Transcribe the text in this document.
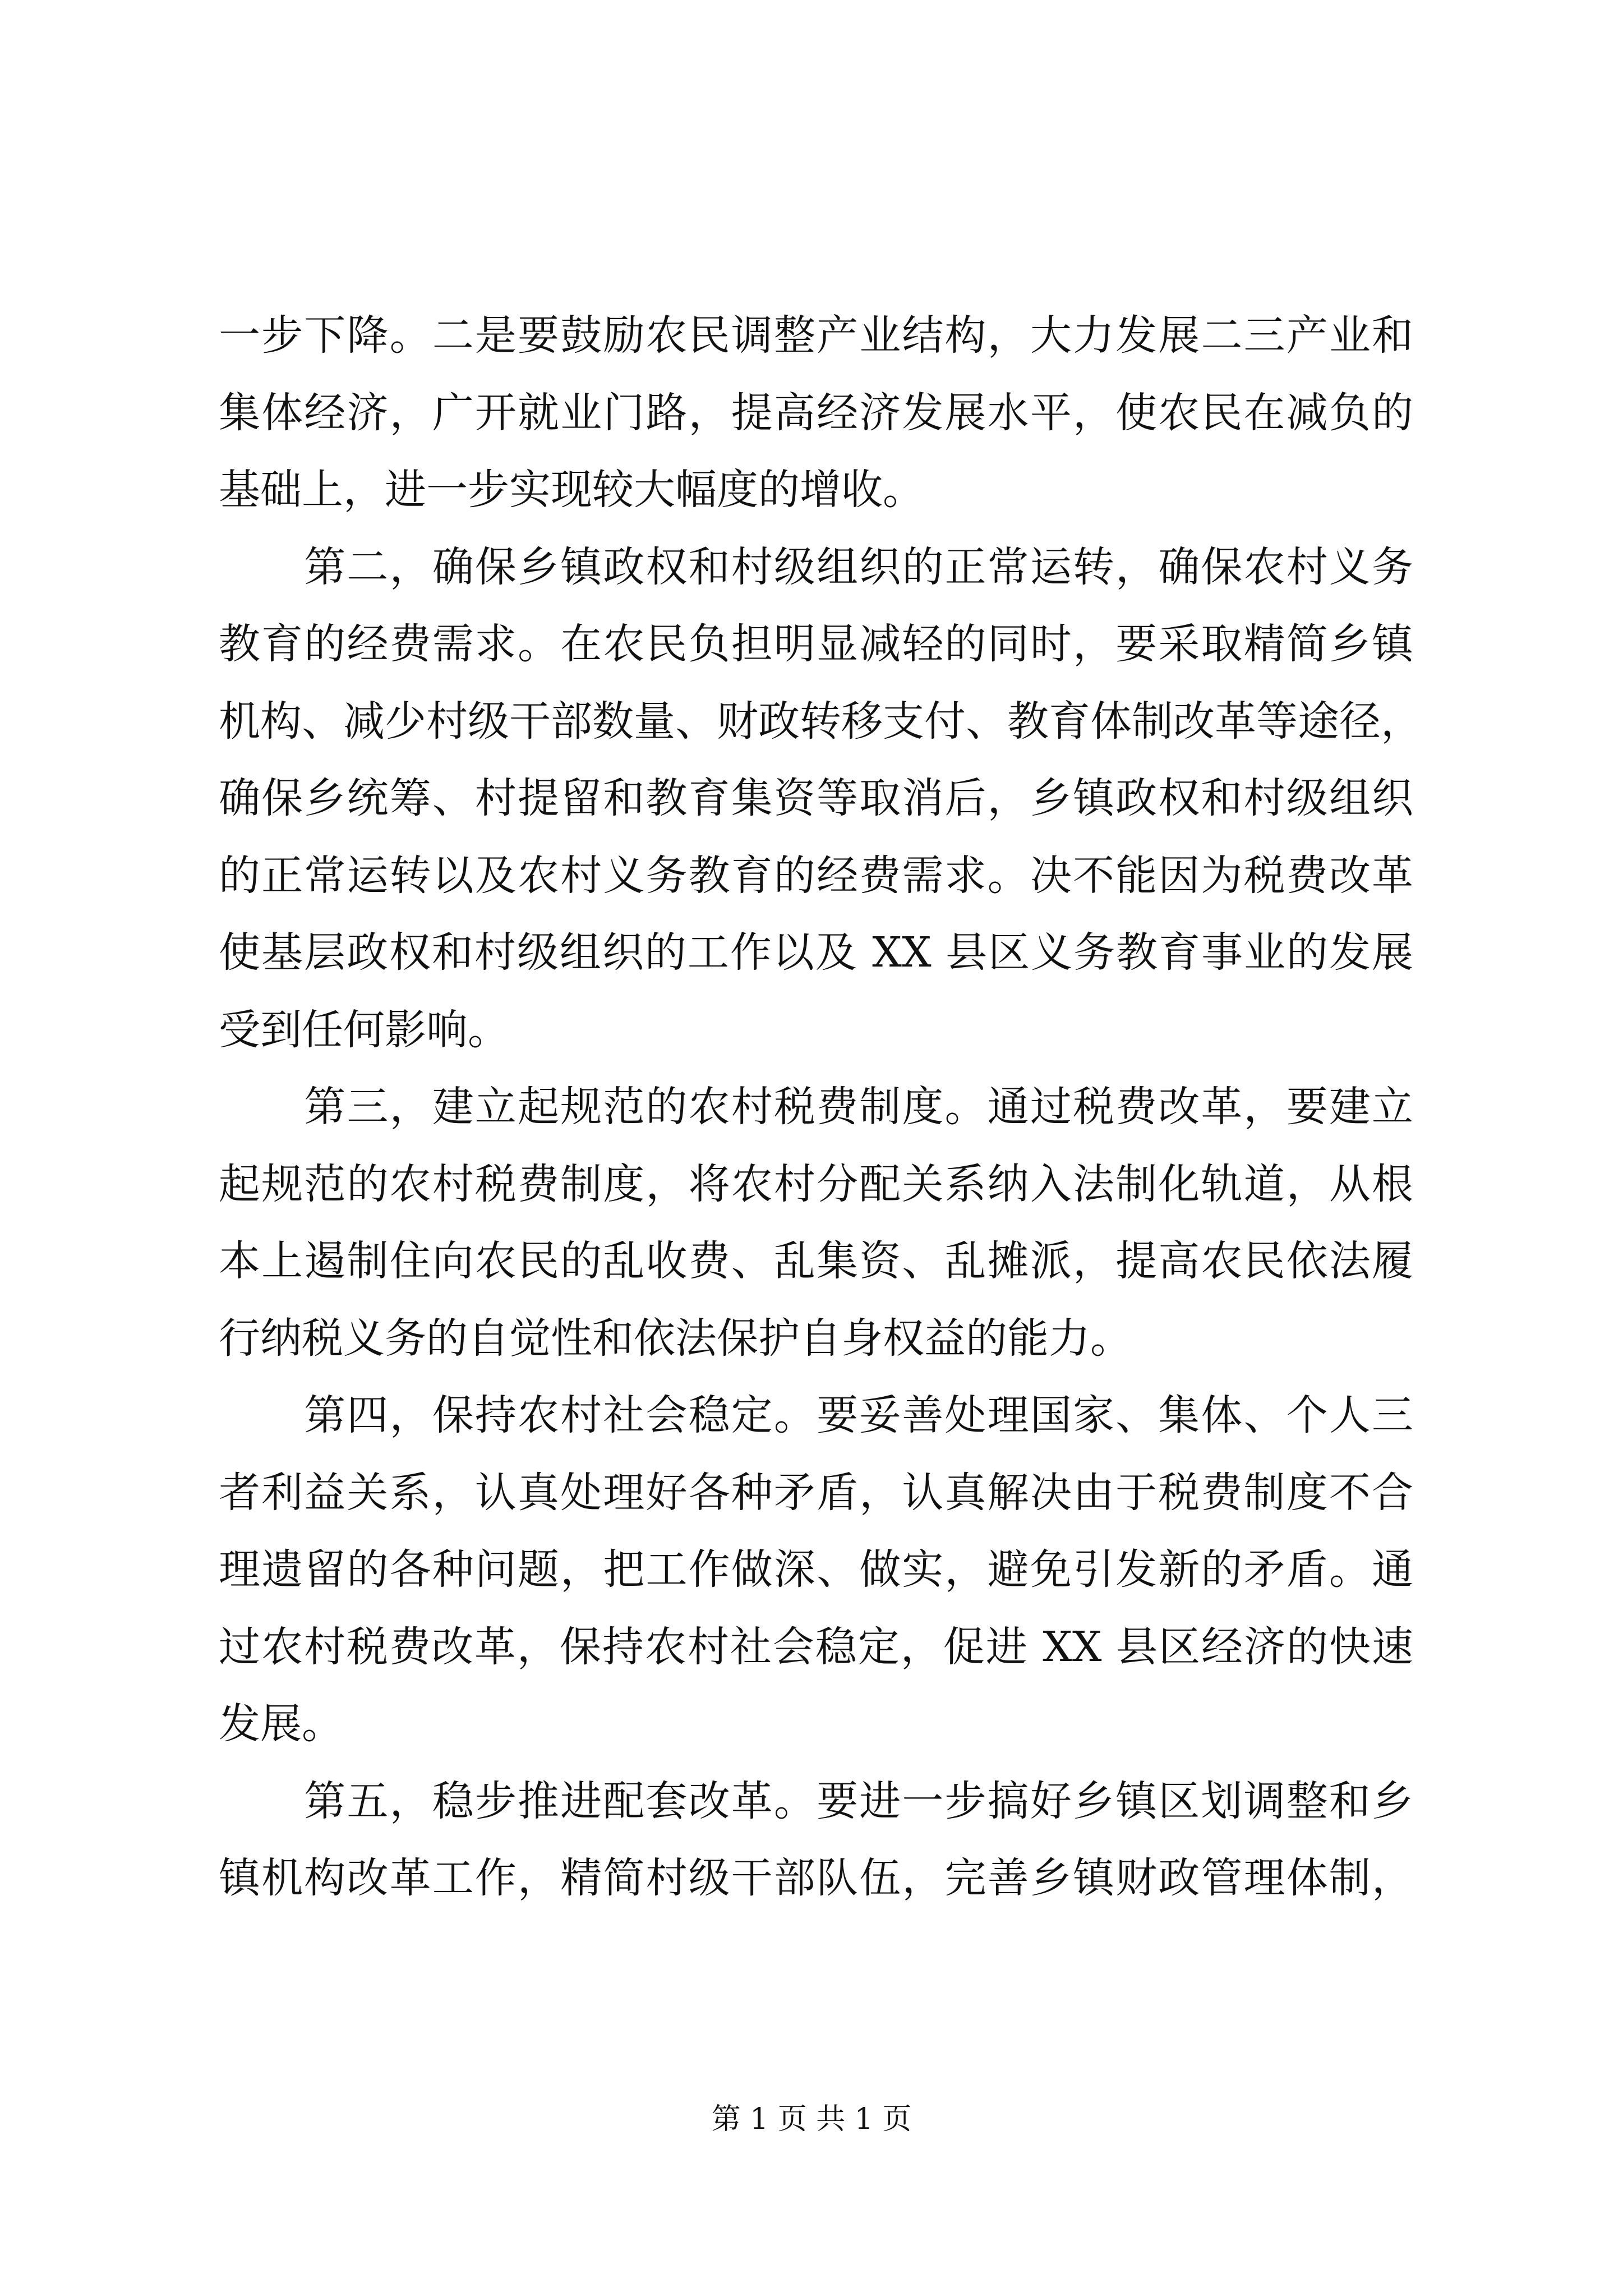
一步下降。二是要鼓励农民调整产业结构，大力发展二三产业和
集体经济，广开就业门路，提高经济发展水平，使农民在减负的
基础上，进一步实现较大幅度的增收。
　　第二，确保乡镇政权和村级组织的正常运转，确保农村义务
教育的经费需求。在农民负担明显减轻的同时，要采取精简乡镇
机构、减少村级干部数量、财政转移支付、教育体制改革等途径，
确保乡统筹、村提留和教育集资等取消后，乡镇政权和村级组织
的正常运转以及农村义务教育的经费需求。决不能因为税费改革
使基层政权和村级组织的工作以及 XX 县区义务教育事业的发展
受到任何影响。
　　第三，建立起规范的农村税费制度。通过税费改革，要建立
起规范的农村税费制度，将农村分配关系纳入法制化轨道，从根
本上遏制住向农民的乱收费、乱集资、乱摊派，提高农民依法履
行纳税义务的自觉性和依法保护自身权益的能力。
　　第四，保持农村社会稳定。要妥善处理国家、集体、个人三
者利益关系，认真处理好各种矛盾，认真解决由于税费制度不合
理遗留的各种问题，把工作做深、做实，避免引发新的矛盾。通
过农村税费改革，保持农村社会稳定，促进 XX 县区经济的快速
发展。
　　第五，稳步推进配套改革。要进一步搞好乡镇区划调整和乡
镇机构改革工作，精简村级干部队伍，完善乡镇财政管理体制，
第 1 页 共 1 页
